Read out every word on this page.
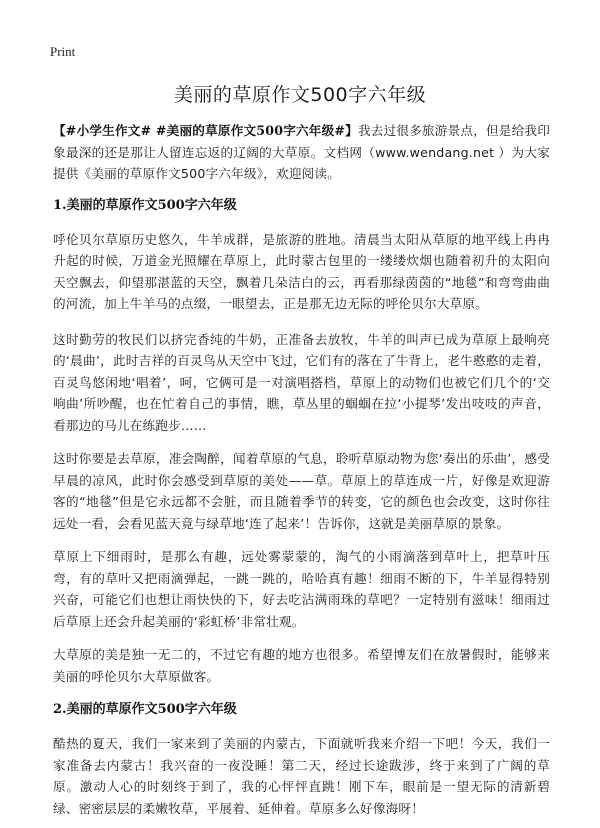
Print
美丽的草原作文500字六年级

【#小学生作文# #美丽的草原作文500字六年级#】我去过很多旅游景点，但是给我印象最深的还是那让人留连忘返的辽阔的大草原。文档网（www.wendang.net ）为大家提供《美丽的草原作文500字六年级》，欢迎阅读。

1.美丽的草原作文500字六年级

呼伦贝尔草原历史悠久，牛羊成群，是旅游的胜地。清晨当太阳从草原的地平线上冉冉升起的时候，万道金光照耀在草原上，此时蒙古包里的一缕缕炊烟也随着初升的太阳向天空飘去，仰望那湛蓝的天空，飘着几朵洁白的云，再看那绿茵茵的“地毯”和弯弯曲曲的河流，加上牛羊马的点缀，一眼望去，正是那无边无际的呼伦贝尔大草原。

这时勤劳的牧民们以挤完香纯的牛奶，正准备去放牧，牛羊的叫声已成为草原上最响亮的‘晨曲’，此时吉祥的百灵鸟从天空中飞过，它们有的落在了牛背上，老牛憨憨的走着，百灵鸟悠闲地‘唱着’，呵，它俩可是一对演唱搭档，草原上的动物们也被它们几个的‘交响曲’所吵醒，也在忙着自己的事情，瞧，草丛里的蝈蝈在拉‘小提琴’发出吱吱的声音，看那边的马儿在练跑步……

这时你要是去草原，准会陶醉，闻着草原的气息，聆听草原动物为您‘奏出的乐曲’，感受早晨的凉风，此时你会感受到草原的美处——草。草原上的草连成一片，好像是欢迎游客的“地毯”但是它永远都不会脏，而且随着季节的转变，它的颜色也会改变，这时你往远处一看，会看见蓝天竟与绿草地‘连了起来’！告诉你，这就是美丽草原的景象。

草原上下细雨时，是那么有趣，远处雾蒙蒙的，淘气的小雨滴落到草叶上，把草叶压弯，有的草叶又把雨滴弹起，一跳一跳的，哈哈真有趣！细雨不断的下，牛羊显得特别兴奋，可能它们也想让雨快快的下，好去吃沾满雨珠的草吧？一定特别有滋味！细雨过后草原上还会升起美丽的‘彩虹桥’非常壮观。

大草原的美是独一无二的，不过它有趣的地方也很多。希望博友们在放暑假时，能够来美丽的呼伦贝尔大草原做客。

2.美丽的草原作文500字六年级

酷热的夏天，我们一家来到了美丽的内蒙古，下面就听我来介绍一下吧！今天，我们一家准备去内蒙古！我兴奋的一夜没睡！第二天，经过长途跋涉，终于来到了广阔的草原。激动人心的时刻终于到了，我的心怦怦直跳！刚下车，眼前是一望无际的清新碧绿、密密层层的柔嫩牧草，平展着、延伸着。草原多么好像海呀！
